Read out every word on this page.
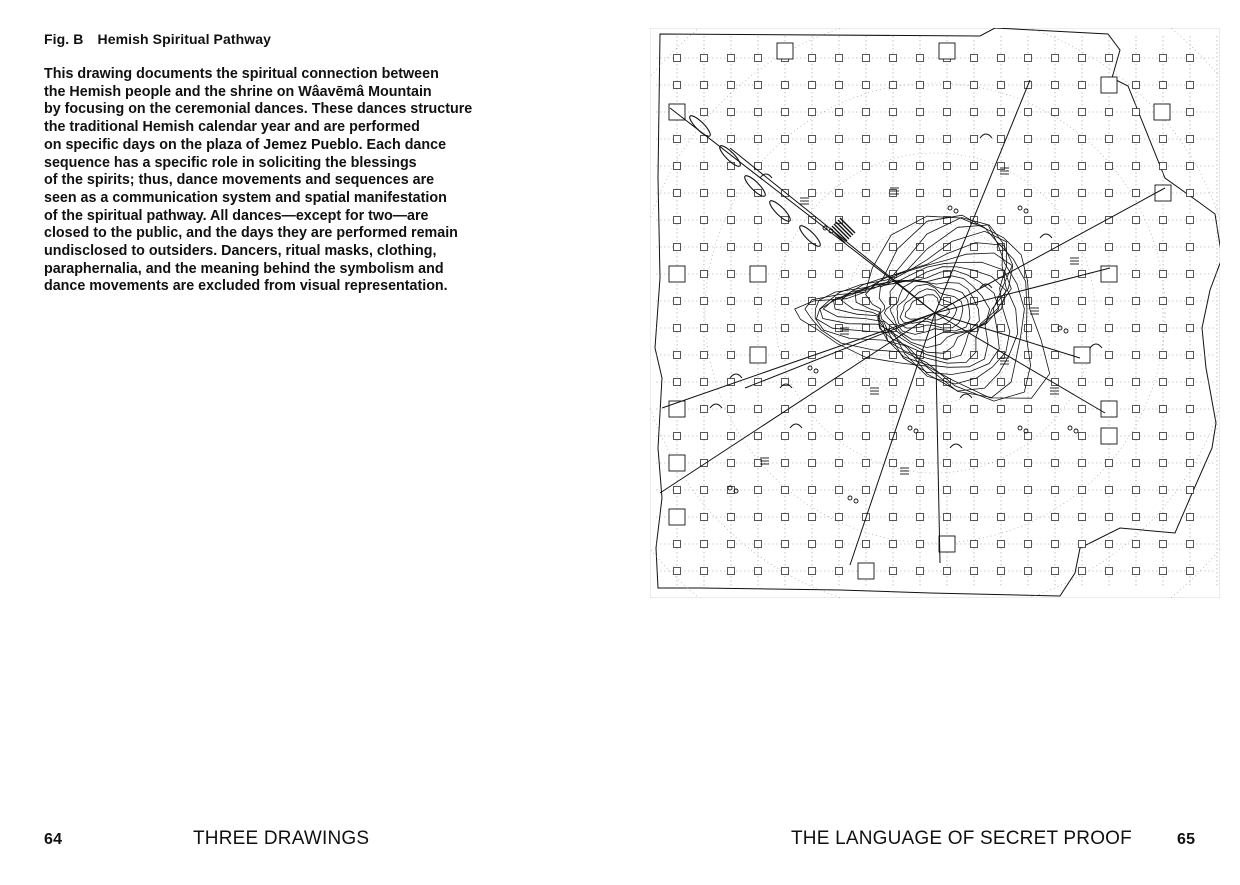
Fig. B Hemish Spiritual Pathway
This drawing documents the spiritual connection between
the Hemish people and the shrine on Wâavēmâ Mountain
by focusing on the ceremonial dances. These dances structure
the traditional Hemish calendar year and are performed
on specific days on the plaza of Jemez Pueblo. Each dance
sequence has a specific role in soliciting the blessings
of the spirits; thus, dance movements and sequences are
seen as a communication system and spatial manifestation
of the spiritual pathway. All dances—except for two—are
closed to the public, and the days they are performed remain
undisclosed to outsiders. Dancers, ritual masks, clothing,
paraphernalia, and the meaning behind the symbolism and
dance movements are excluded from visual representation.
64	THREE DRAWINGS	THE LANGUAGE OF SECRET PROOF	65
